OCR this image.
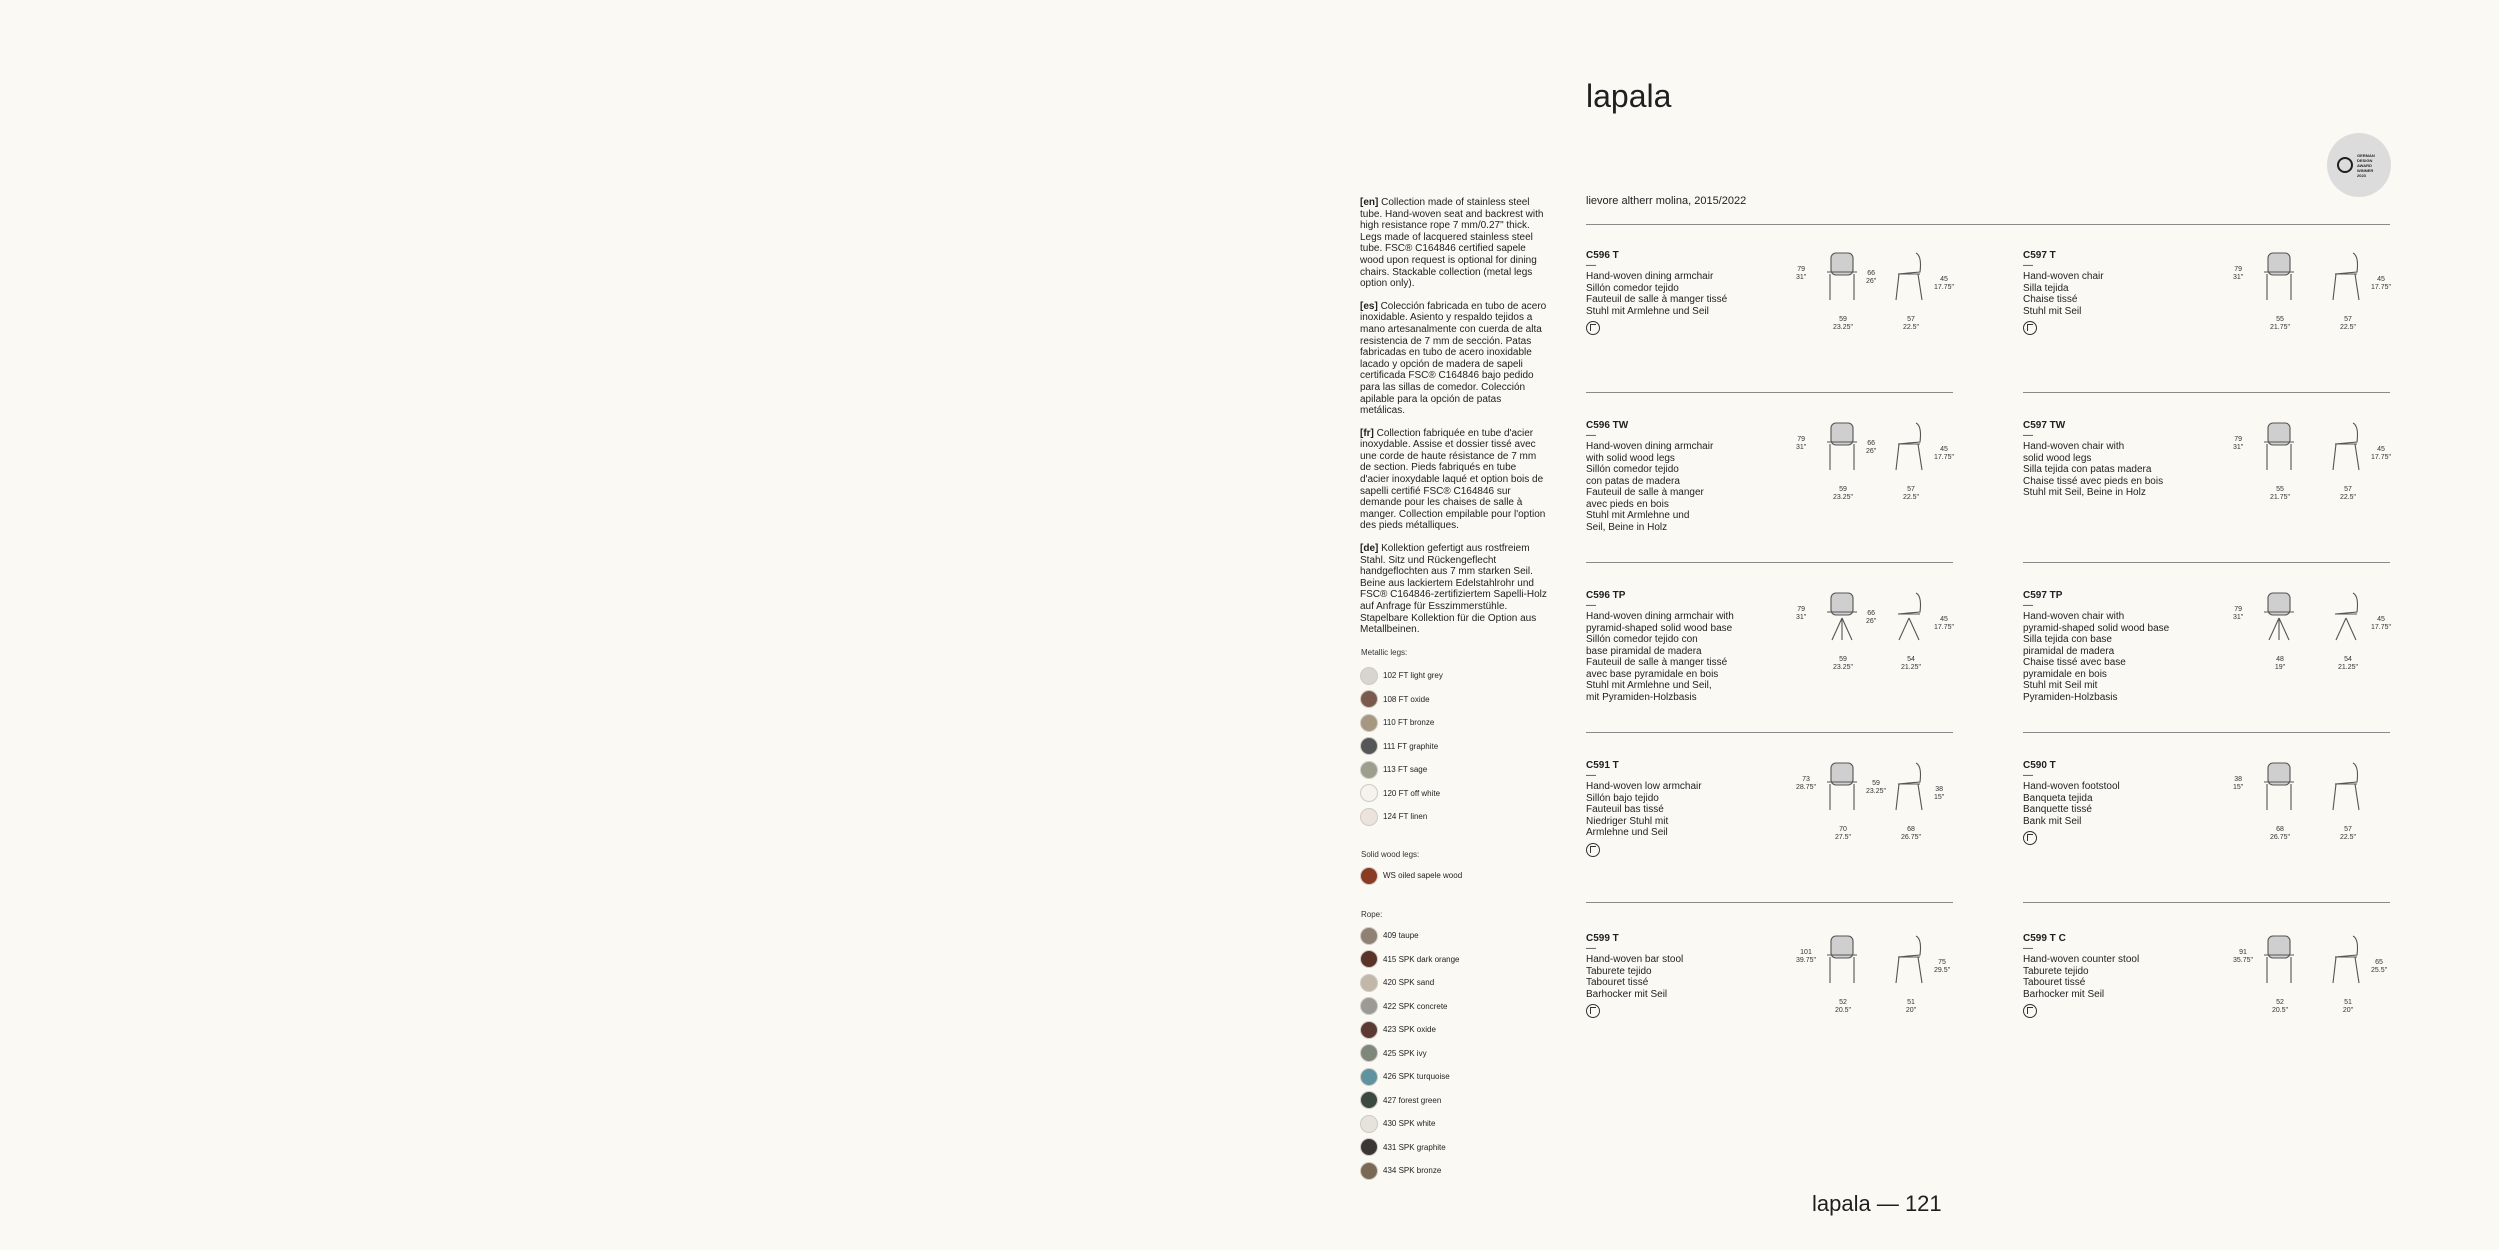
lapala
lievore altherr molina, 2015/2022
GERMAN DESIGN AWARD WINNER 2023

[en] Collection made of stainless steel tube. Hand-woven seat and backrest with high resistance rope 7 mm/0.27" thick. Legs made of lacquered stainless steel tube. FSC® C164846 certified sapele wood upon request is optional for dining chairs. Stackable collection (metal legs option only).

[es] Colección fabricada en tubo de acero inoxidable. Asiento y respaldo tejidos a mano artesanalmente con cuerda de alta resistencia de 7 mm de sección. Patas fabricadas en tubo de acero inoxidable lacado y opción de madera de sapeli certificada FSC® C164846 bajo pedido para las sillas de comedor. Colección apilable para la opción de patas metálicas.

[fr] Collection fabriquée en tube d'acier inoxydable. Assise et dossier tissé avec une corde de haute résistance de 7 mm de section. Pieds fabriqués en tube d'acier inoxydable laqué et option bois de sapelli certifié FSC® C164846 sur demande pour les chaises de salle à manger. Collection empilable pour l'option des pieds métalliques.

[de] Kollektion gefertigt aus rostfreiem Stahl. Sitz und Rückengeflecht handgeflochten aus 7 mm starken Seil. Beine aus lackiertem Edelstahlrohr und FSC® C164846-zertifiziertem Sapelli-Holz auf Anfrage für Esszimmerstühle. Stapelbare Kollektion für die Option aus Metallbeinen.

Metallic legs:
102 FT light grey
108 FT oxide
110 FT bronze
111 FT graphite
113 FT sage
120 FT off white
124 FT linen
Solid wood legs:
WS oiled sapele wood
Rope:
409 taupe
415 SPK dark orange
420 SPK sand
422 SPK concrete
423 SPK oxide
425 SPK ivy
426 SPK turquoise
427 forest green
430 SPK white
431 SPK graphite
434 SPK bronze
C596 T
—
Hand-woven dining armchair
Sillón comedor tejido
Fauteuil de salle à manger tissé
Stuhl mit Armlehne und Seil
79
31"
66
26"	45
17.75"
59
23.25"
57
22.5"
C597 T
—
Hand-woven chair
Silla tejida
Chaise tissé
Stuhl mit Seil
79
31"	45
17.75"
55
21.75"
57
22.5"
C596 TW
—
Hand-woven dining armchair
with solid wood legs
Sillón comedor tejido
con patas de madera
Fauteuil de salle à manger
avec pieds en bois
Stuhl mit Armlehne und
Seil, Beine in Holz
79
31"
66
26"	45
17.75"
59
23.25"
57
22.5"
C597 TW
—
Hand-woven chair with
solid wood legs
Silla tejida con patas madera
Chaise tissé avec pieds en bois
Stuhl mit Seil, Beine in Holz
79
31"	45
17.75"
55
21.75"
57
22.5"
C596 TP
—
Hand-woven dining armchair with
pyramid-shaped solid wood base
Sillón comedor tejido con
base piramidal de madera
Fauteuil de salle à manger tissé
avec base pyramidale en bois
Stuhl mit Armlehne und Seil,
mit Pyramiden-Holzbasis
79
31"
66
26"	45
17.75"
59
23.25"
54
21.25"
C597 TP
—
Hand-woven chair with
pyramid-shaped solid wood base
Silla tejida con base
piramidal de madera
Chaise tissé avec base
pyramidale en bois
Stuhl mit Seil mit
Pyramiden-Holzbasis
79
31"	45
17.75"
48
19"
54
21.25"
C591 T
—
Hand-woven low armchair
Sillón bajo tejido
Fauteuil bas tissé
Niedriger Stuhl mit
Armlehne und Seil
73
28.75"
59
23.25"	38
15"
70
27.5"
68
26.75"
C590 T
—
Hand-woven footstool
Banqueta tejida
Banquette tissé
Bank mit Seil
38
15"
68
26.75"
57
22.5"
C599 T
—
Hand-woven bar stool
Taburete tejido
Tabouret tissé
Barhocker mit Seil
101
39.75"	75
29.5"
52
20.5"
51
20"
C599 T C
—
Hand-woven counter stool
Taburete tejido
Tabouret tissé
Barhocker mit Seil
91
35.75"	65
25.5"
52
20.5"
51
20"
lapala — 121
